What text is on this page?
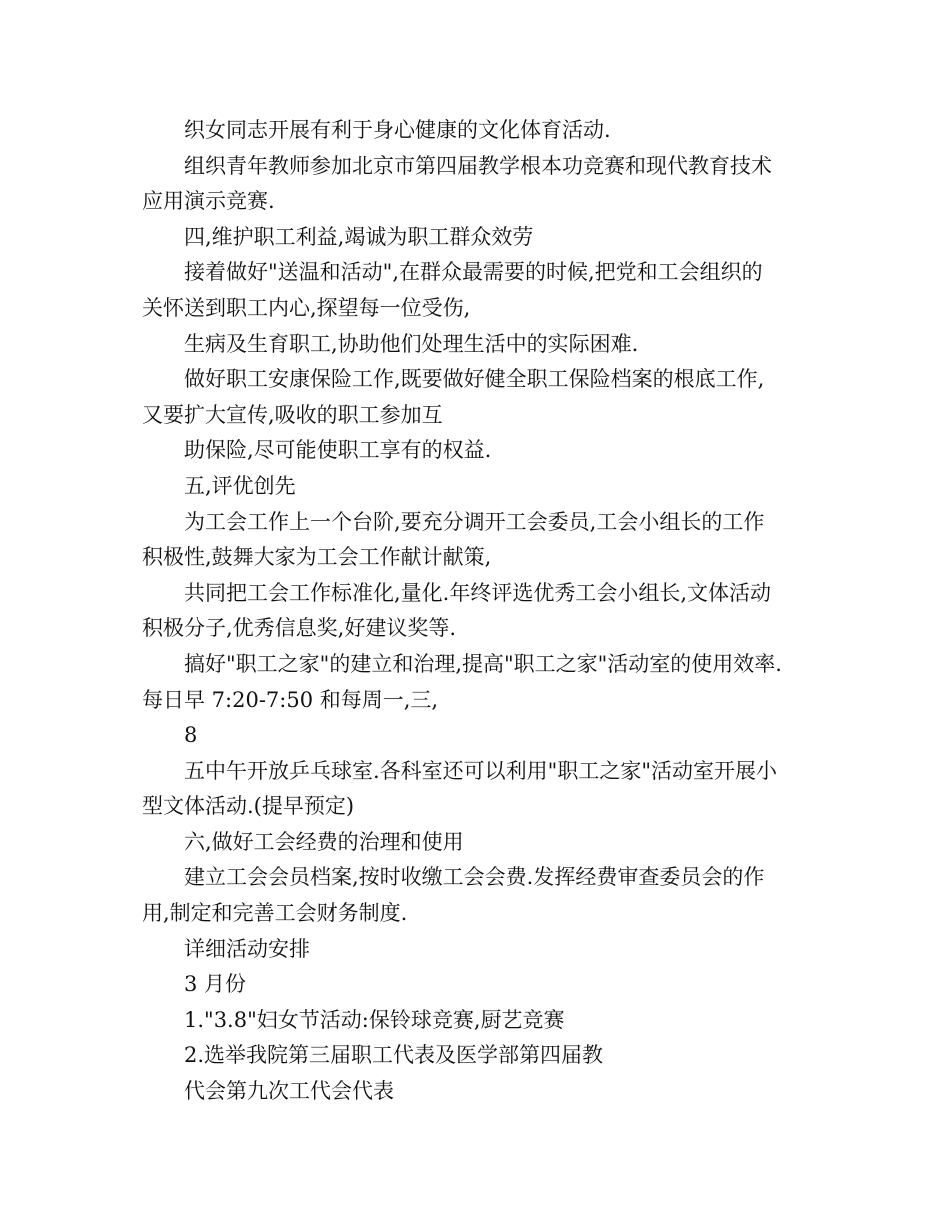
织女同志开展有利于身心健康的文化体育活动.

组织青年教师参加北京市第四届教学根本功竞赛和现代教育技术

应用演示竞赛.

四,维护职工利益,竭诚为职工群众效劳

接着做好"送温和活动",在群众最需要的时候,把党和工会组织的

关怀送到职工内心,探望每一位受伤,

生病及生育职工,协助他们处理生活中的实际困难.

做好职工安康保险工作,既要做好健全职工保险档案的根底工作,

又要扩大宣传,吸收的职工参加互

助保险,尽可能使职工享有的权益.

五,评优创先

为工会工作上一个台阶,要充分调开工会委员,工会小组长的工作

积极性,鼓舞大家为工会工作献计献策,

共同把工会工作标准化,量化.年终评选优秀工会小组长,文体活动

积极分子,优秀信息奖,好建议奖等.

搞好"职工之家"的建立和治理,提高"职工之家"活动室的使用效率.

每日早 7:20-7:50 和每周一,三,

8

五中午开放乒乓球室.各科室还可以利用"职工之家"活动室开展小

型文体活动.(提早预定)

六,做好工会经费的治理和使用

建立工会会员档案,按时收缴工会会费.发挥经费审查委员会的作

用,制定和完善工会财务制度.

详细活动安排

3 月份

1."3.8"妇女节活动:保铃球竞赛,厨艺竞赛

2.选举我院第三届职工代表及医学部第四届教

代会第九次工代会代表
